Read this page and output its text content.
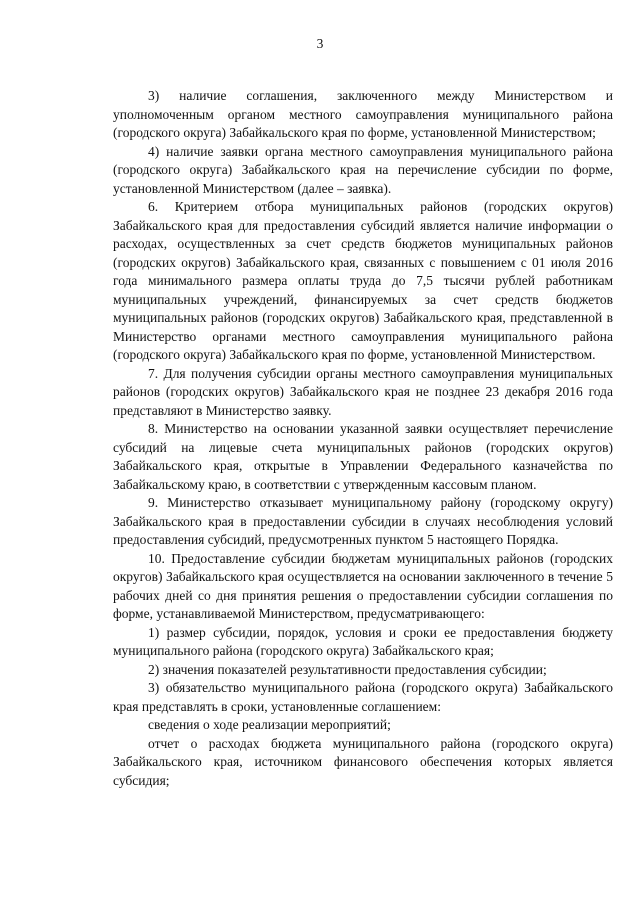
3

3) наличие соглашения, заключенного между Министерством и уполномоченным органом местного самоуправления муниципального района (городского округа) Забайкальского края по форме, установленной Министерством;

4) наличие заявки органа местного самоуправления муниципального района (городского округа) Забайкальского края на перечисление субсидии по форме, установленной Министерством (далее – заявка).

6. Критерием отбора муниципальных районов (городских округов) Забайкальского края для предоставления субсидий является наличие информации о расходах, осуществленных за счет средств бюджетов муниципальных районов (городских округов) Забайкальского края, связанных с повышением с 01 июля 2016 года минимального размера оплаты труда до 7,5 тысячи рублей работникам муниципальных учреждений, финансируемых за счет средств бюджетов муниципальных районов (городских округов) Забайкальского края, представленной в Министерство органами местного самоуправления муниципального района (городского округа) Забайкальского края по форме, установленной Министерством.

7. Для получения субсидии органы местного самоуправления муниципальных районов (городских округов) Забайкальского края не позднее 23 декабря 2016 года представляют в Министерство заявку.

8. Министерство на основании указанной заявки осуществляет перечисление субсидий на лицевые счета муниципальных районов (городских округов) Забайкальского края, открытые в Управлении Федерального казначейства по Забайкальскому краю, в соответствии с утвержденным кассовым планом.

9. Министерство отказывает муниципальному району (городскому округу) Забайкальского края в предоставлении субсидии в случаях несоблюдения условий предоставления субсидий, предусмотренных пунктом 5 настоящего Порядка.

10. Предоставление субсидии бюджетам муниципальных районов (городских округов) Забайкальского края осуществляется на основании заключенного в течение 5 рабочих дней со дня принятия решения о предоставлении субсидии соглашения по форме, устанавливаемой Министерством, предусматривающего:

1) размер субсидии, порядок, условия и сроки ее предоставления бюджету муниципального района (городского округа) Забайкальского края;

2) значения показателей результативности предоставления субсидии;

3) обязательство муниципального района (городского округа) Забайкальского края представлять в сроки, установленные соглашением:

сведения о ходе реализации мероприятий;

отчет о расходах бюджета муниципального района (городского округа) Забайкальского края, источником финансового обеспечения которых является субсидия;
